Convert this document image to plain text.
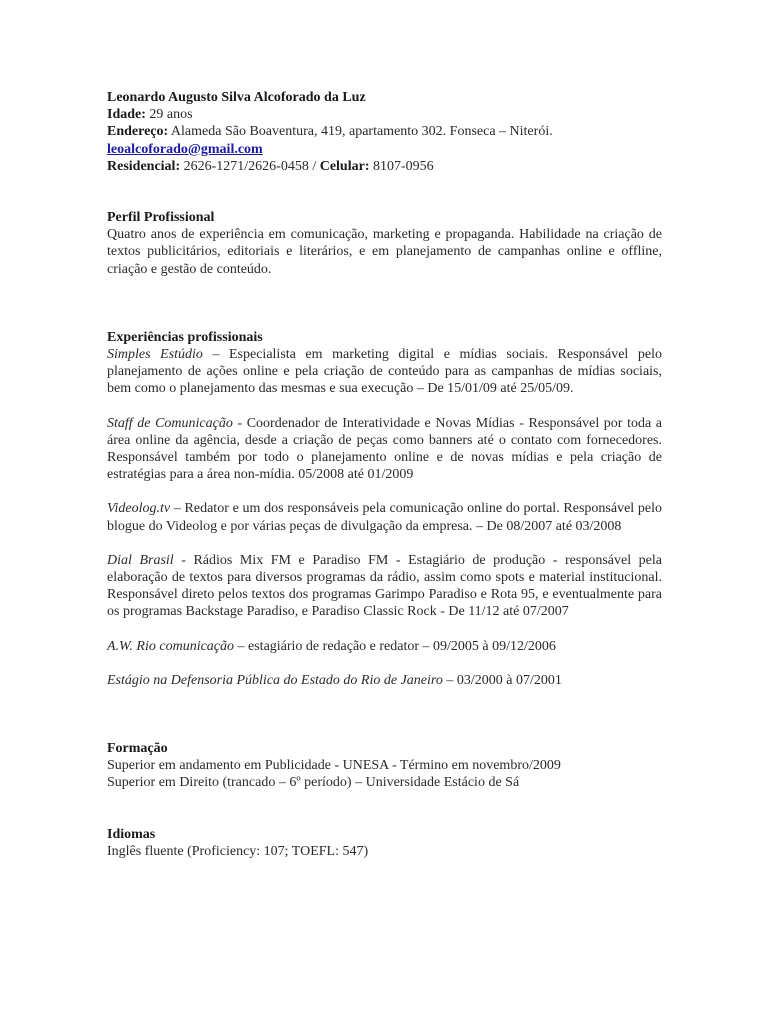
Leonardo Augusto Silva Alcoforado da Luz
Idade: 29 anos
Endereço: Alameda São Boaventura, 419, apartamento 302. Fonseca – Niterói.
leoalcoforado@gmail.com
Residencial: 2626-1271/2626-0458 / Celular: 8107-0956
Perfil Profissional
Quatro anos de experiência em comunicação, marketing e propaganda. Habilidade na criação de textos publicitários, editoriais e literários, e em planejamento de campanhas online e offline, criação e gestão de conteúdo.
Experiências profissionais
Simples Estúdio – Especialista em marketing digital e mídias sociais. Responsável pelo planejamento de ações online e pela criação de conteúdo para as campanhas de mídias sociais, bem como o planejamento das mesmas e sua execução – De 15/01/09 até 25/05/09.
Staff de Comunicação - Coordenador de Interatividade e Novas Mídias - Responsável por toda a área online da agência, desde a criação de peças como banners até o contato com fornecedores. Responsável também por todo o planejamento online e de novas mídias e pela criação de estratégias para a área non-mídia. 05/2008 até 01/2009
Videolog.tv – Redator e um dos responsáveis pela comunicação online do portal. Responsável pelo blogue do Videolog e por várias peças de divulgação da empresa. – De 08/2007 até 03/2008
Dial Brasil - Rádios Mix FM e Paradiso FM - Estagiário de produção - responsável pela elaboração de textos para diversos programas da rádio, assim como spots e material institucional. Responsável direto pelos textos dos programas Garimpo Paradiso e Rota 95, e eventualmente para os programas Backstage Paradiso, e Paradiso Classic Rock - De 11/12 até 07/2007
A.W. Rio comunicação – estagiário de redação e redator – 09/2005 à 09/12/2006
Estágio na Defensoria Pública do Estado do Rio de Janeiro – 03/2000 à 07/2001
Formação
Superior em andamento em Publicidade - UNESA - Término em novembro/2009
Superior em Direito (trancado – 6º período) – Universidade Estácio de Sá
Idiomas
Inglês fluente (Proficiency: 107; TOEFL: 547)
